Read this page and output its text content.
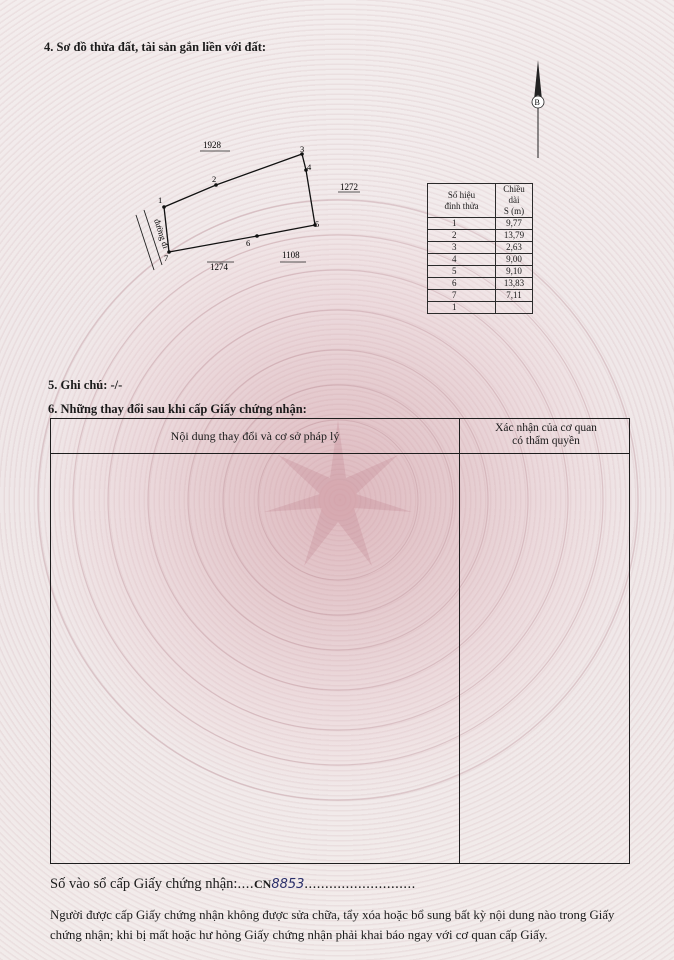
4. Sơ đồ thửa đất, tài sản gắn liền với đất:
B
1928
1272
1274
1108
đường đi
1
2
3
4
5
6
7
Số hiệu
đỉnh thửa	Chiều dài
S (m)
1	9,77
2	13,79
3	2,63
4	9,00
5	9,10
6	13,83
7	7,11
1	
5. Ghi chú: -/-
6. Những thay đổi sau khi cấp Giấy chứng nhận:
Nội dung thay đổi và cơ sở pháp lý
Xác nhận của cơ quan
có thẩm quyền
Số vào sổ cấp Giấy chứng nhận:....CN8853...........................

Người được cấp Giấy chứng nhận không được sửa chữa, tẩy xóa hoặc bổ sung bất kỳ nội dung nào trong Giấy chứng nhận; khi bị mất hoặc hư hỏng Giấy chứng nhận phải khai báo ngay với cơ quan cấp Giấy.
